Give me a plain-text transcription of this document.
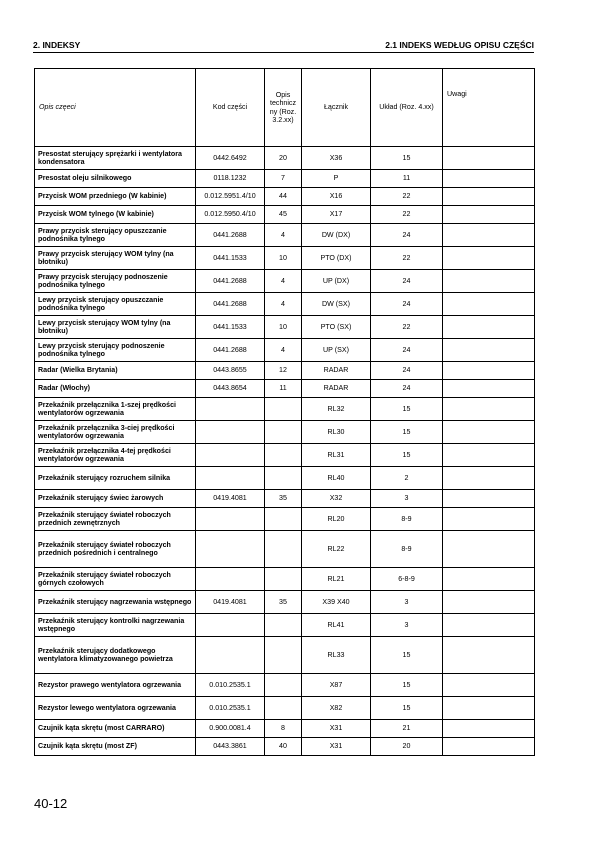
2. INDEKSY	2.1 INDEKS WEDŁUG OPISU CZĘŚCI
Opis częeci	Kod części	Opis technicz ny (Roz. 3.2.xx)	Łącznik	Układ (Roz. 4.xx)	Uwagi
Presostat sterujący sprężarki i wentylatora kondensatora	0442.6492	20	X36	15	
Presostat oleju silnikowego	0118.1232	7	P	11	
Przycisk WOM przedniego (W kabinie)	0.012.5951.4/10	44	X16	22	
Przycisk WOM tylnego (W kabinie)	0.012.5950.4/10	45	X17	22	
Prawy przycisk sterujący opuszczanie podnośnika tylnego	0441.2688	4	DW (DX)	24	
Prawy przycisk sterujący WOM tylny (na błotniku)	0441.1533	10	PTO (DX)	22	
Prawy przycisk sterujący podnoszenie podnośnika tylnego	0441.2688	4	UP (DX)	24	
Lewy przycisk sterujący opuszczanie podnośnika tylnego	0441.2688	4	DW (SX)	24	
Lewy przycisk sterujący WOM tylny (na błotniku)	0441.1533	10	PTO (SX)	22	
Lewy przycisk sterujący podnoszenie podnośnika tylnego	0441.2688	4	UP (SX)	24	
Radar (Wielka Brytania)	0443.8655	12	RADAR	24	
Radar (Włochy)	0443.8654	11	RADAR	24	
Przekaźnik przełącznika 1-szej prędkości wentylatorów ogrzewania			RL32	15	
Przekaźnik przełącznika 3-ciej prędkości wentylatorów ogrzewania			RL30	15	
Przekaźnik przełącznika 4-tej prędkości wentylatorów ogrzewania			RL31	15	
Przekaźnik sterujący rozruchem silnika			RL40	2	
Przekaźnik sterujący świec żarowych	0419.4081	35	X32	3	
Przekaźnik sterujący świateł roboczych przednich zewnętrznych			RL20	8-9	
Przekaźnik sterujący świateł roboczych przednich pośrednich i centralnego			RL22	8-9	
Przekaźnik sterujący świateł roboczych górnych czołowych			RL21	6-8-9	
Przekaźnik sterujący nagrzewania wstępnego	0419.4081	35	X39 X40	3	
Przekaźnik sterujący kontrolki nagrzewania wstępnego			RL41	3	
Przekaźnik sterujący dodatkowego wentylatora klimatyzowanego powietrza			RL33	15	
Rezystor prawego wentylatora ogrzewania	0.010.2535.1		X87	15	
Rezystor lewego wentylatora ogrzewania	0.010.2535.1		X82	15	
Czujnik kąta skrętu (most CARRARO)	0.900.0081.4	8	X31	21	
Czujnik kąta skrętu (most ZF)	0443.3861	40	X31	20	
40-12
